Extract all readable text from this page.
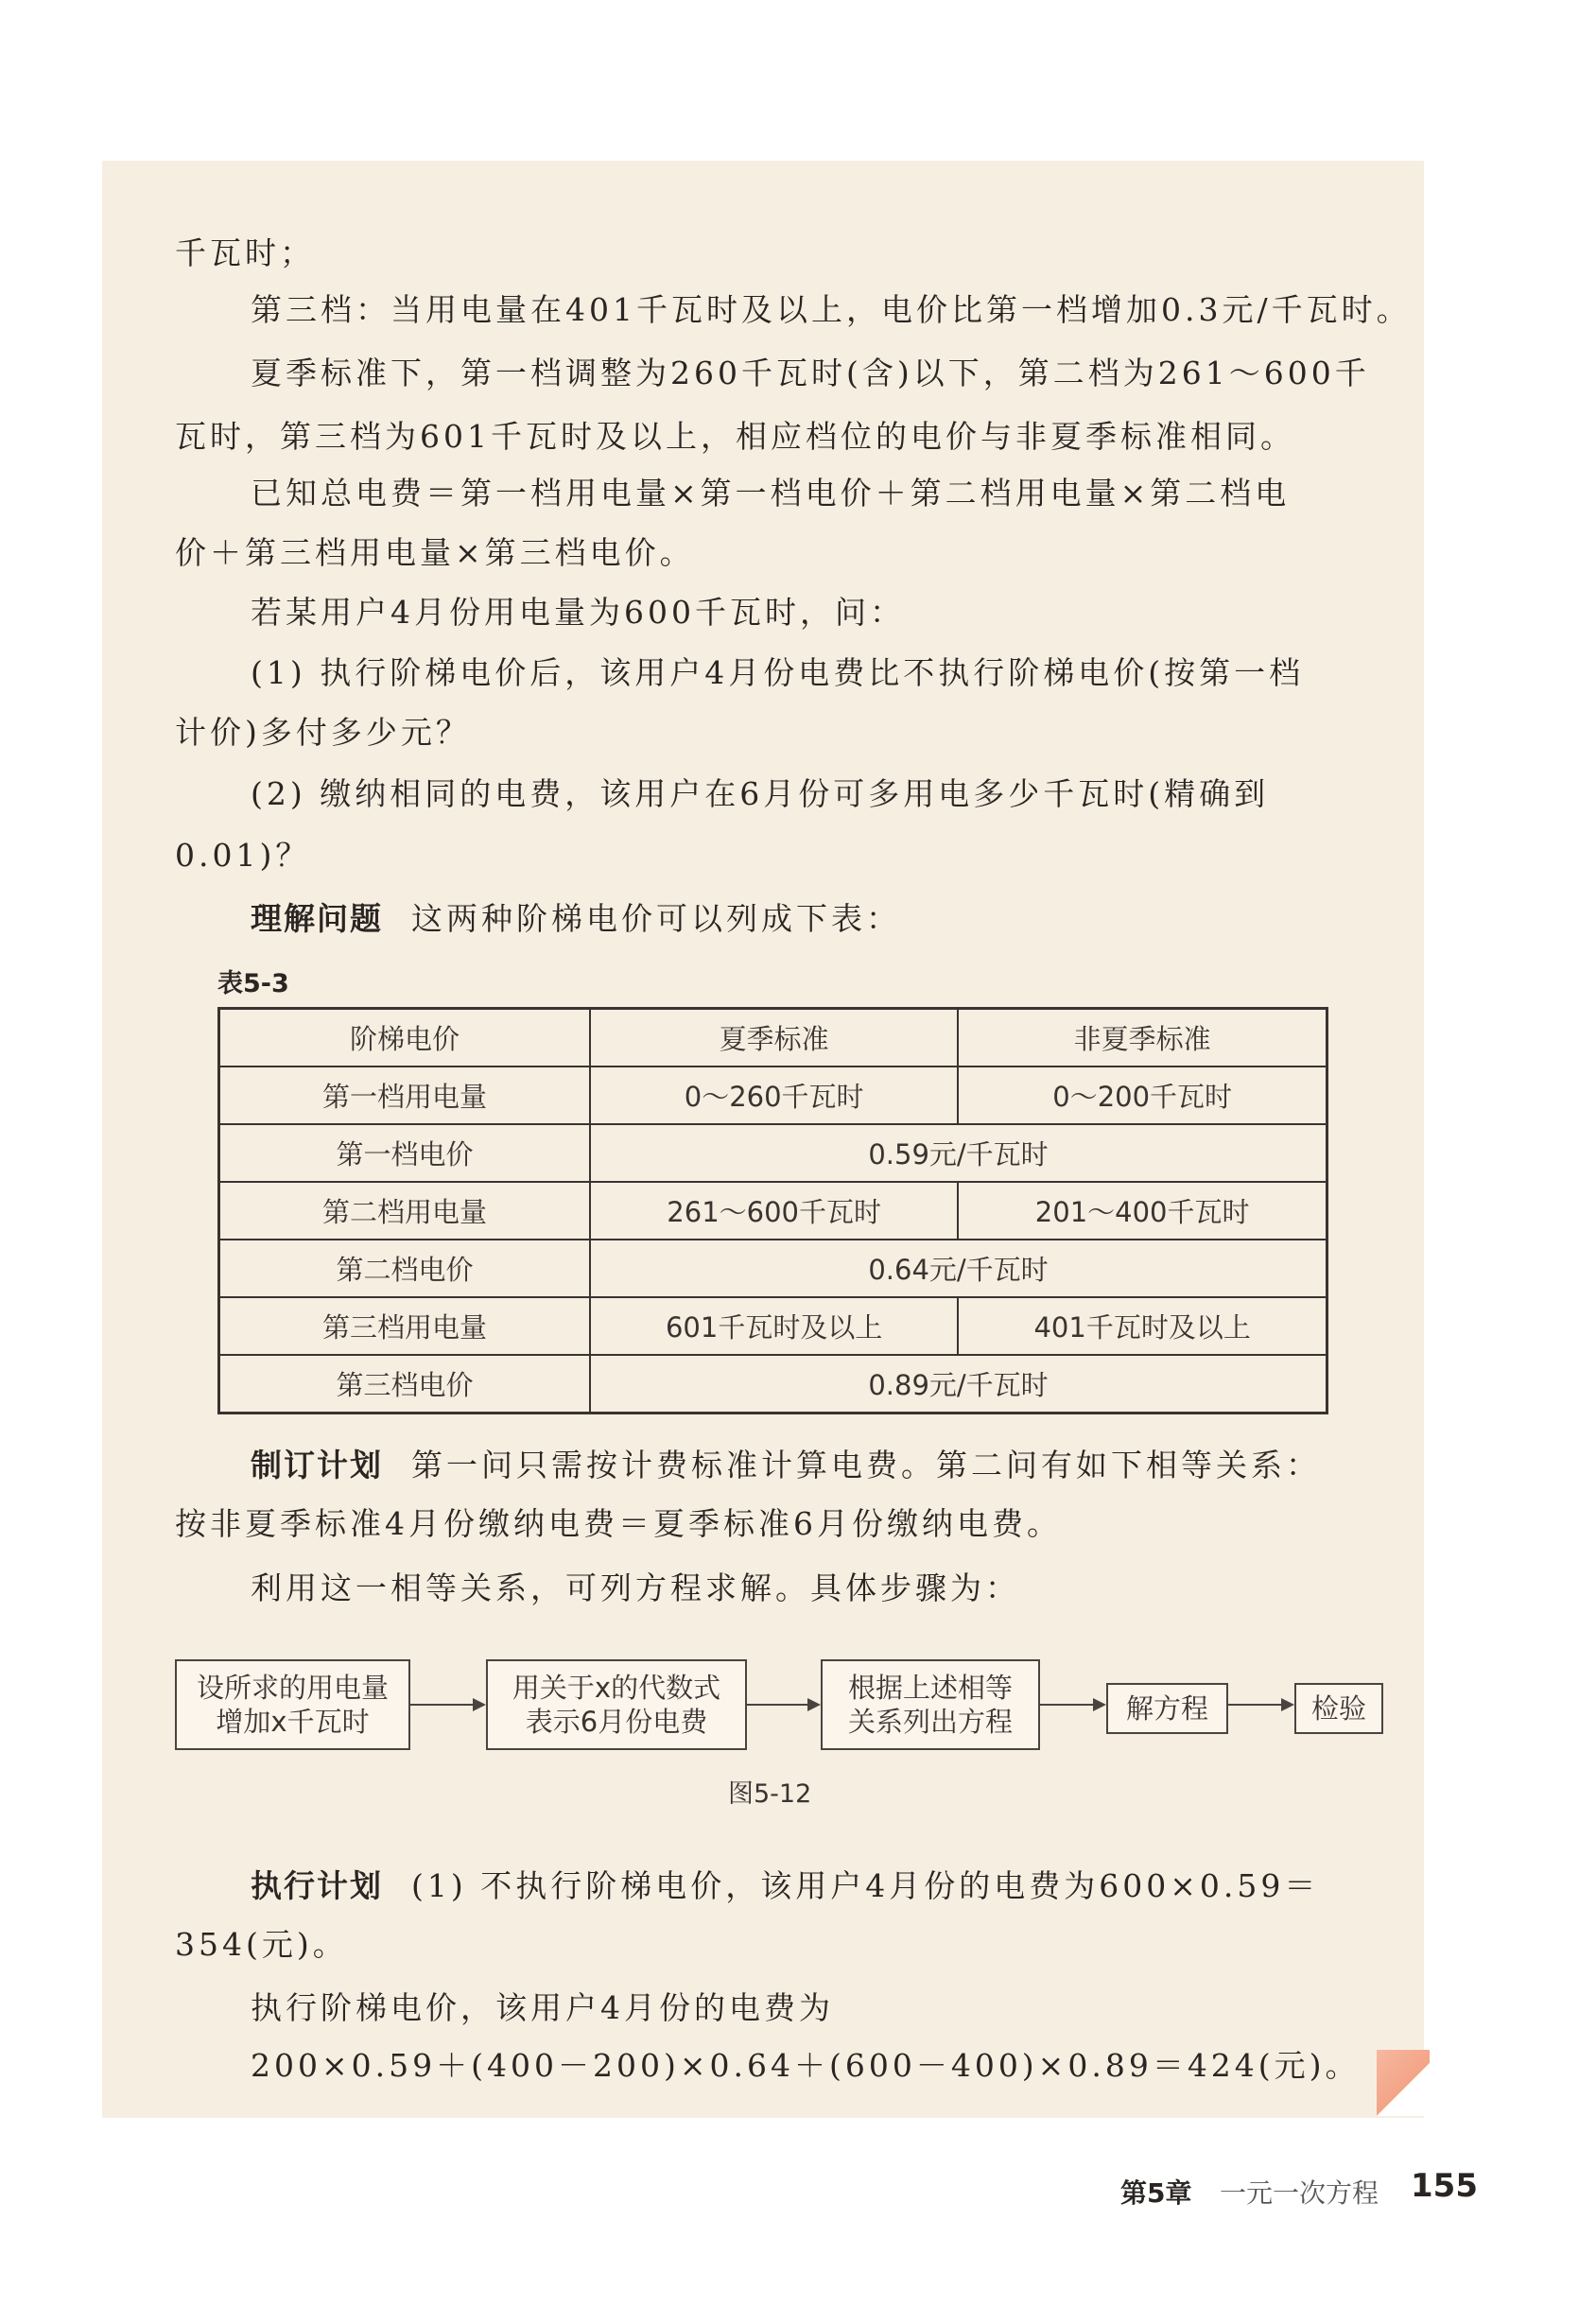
千瓦时；
第三档：当用电量在401千瓦时及以上，电价比第一档增加0.3元/千瓦时。
夏季标准下，第一档调整为260千瓦时(含)以下，第二档为261～600千
瓦时，第三档为601千瓦时及以上，相应档位的电价与非夏季标准相同。
已知总电费＝第一档用电量×第一档电价＋第二档用电量×第二档电
价＋第三档用电量×第三档电价。
若某用户4月份用电量为600千瓦时，问：
(1) 执行阶梯电价后，该用户4月份电费比不执行阶梯电价(按第一档
计价)多付多少元？
(2) 缴纳相同的电费，该用户在6月份可多用电多少千瓦时(精确到
0.01)？
理解问题 这两种阶梯电价可以列成下表：
表5-3
阶梯电价	夏季标准	非夏季标准
第一档用电量	0～260千瓦时	0～200千瓦时
第一档电价	0.59元/千瓦时	
第二档用电量	261～600千瓦时	201～400千瓦时
第二档电价	0.64元/千瓦时	
第三档用电量	601千瓦时及以上	401千瓦时及以上
第三档电价	0.89元/千瓦时	
制订计划 第一问只需按计费标准计算电费。第二问有如下相等关系：
按非夏季标准4月份缴纳电费＝夏季标准6月份缴纳电费。
利用这一相等关系，可列方程求解。具体步骤为：
设所求的用电量
增加x千瓦时
用关于x的代数式
表示6月份电费
根据上述相等
关系列出方程	解方程	检验
图5-12
执行计划 (1) 不执行阶梯电价，该用户4月份的电费为600×0.59＝
354(元)。
执行阶梯电价，该用户4月份的电费为
200×0.59＋(400－200)×0.64＋(600－400)×0.89＝424(元)。
第5章 一元一次方程 155
